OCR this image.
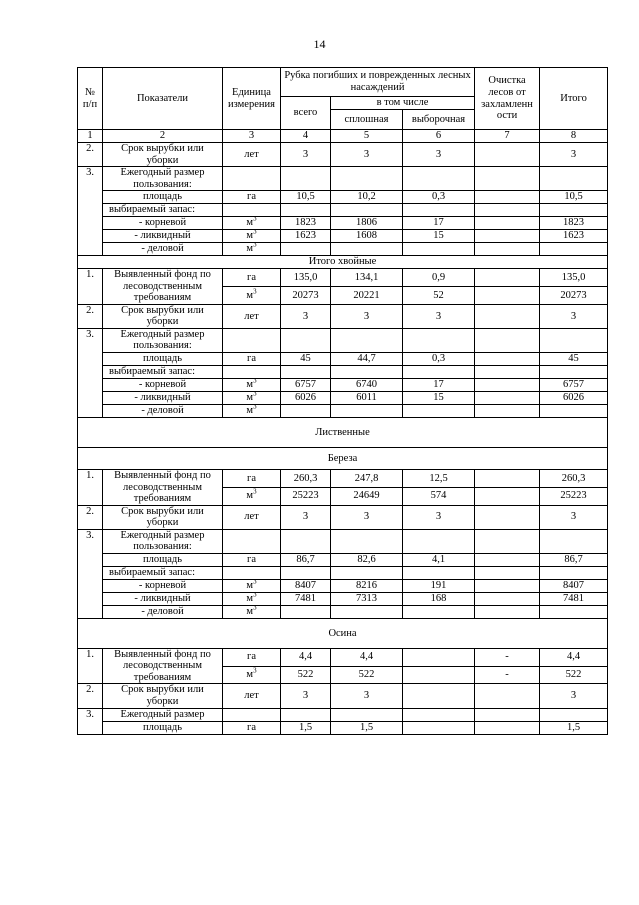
14
№ п/п	Показатели	Единица измерения	Рубка погибших и поврежденных лесных насаждений			Очистка лесов от захламленн ости	Итого
			всего	в том числе			
				сплошная	выборочная		
1	2	3	4	5	6	7	8
2.	Срок вырубки или уборки	лет	3	3	3		3
3.	Ежегодный размер пользования:						
	площадь	га	10,5	10,2	0,3		10,5
	выбираемый запас:						
	- корневой	$м^3$	1823	1806	17		1823
	- ликвидный	$м^3$	1623	1608	15		1623
	- деловой	$м^3$					
Итого хвойные							
1.	Выявленный фонд по лесоводственным требованиям	га	135,0	134,1	0,9		135,0
		$м^3$	20273	20221	52		20273
2.	Срок вырубки или уборки	лет	3	3	3		3
3.	Ежегодный размер пользования:						
	площадь	га	45	44,7	0,3		45
	выбираемый запас:						
	- корневой	$м^3$	6757	6740	17		6757
	- ликвидный	$м^3$	6026	6011	15		6026
	- деловой	$м^3$					
Лиственные							
Береза							
1.	Выявленный фонд по лесоводственным требованиям	га	260,3	247,8	12,5		260,3
		$м^3$	25223	24649	574		25223
2.	Срок вырубки или уборки	лет	3	3	3		3
3.	Ежегодный размер пользования:						
	площадь	га	86,7	82,6	4,1		86,7
	выбираемый запас:						
	- корневой	$м^3$	8407	8216	191		8407
	- ликвидный	$м^3$	7481	7313	168		7481
	- деловой	$м^3$					
Осина							
1.	Выявленный фонд по лесоводственным требованиям	га	4,4	4,4		-	4,4
		$м^3$	522	522		-	522
2.	Срок вырубки или уборки	лет	3	3			3
3.	Ежегодный размер						
	площадь	га	1,5	1,5			1,5
